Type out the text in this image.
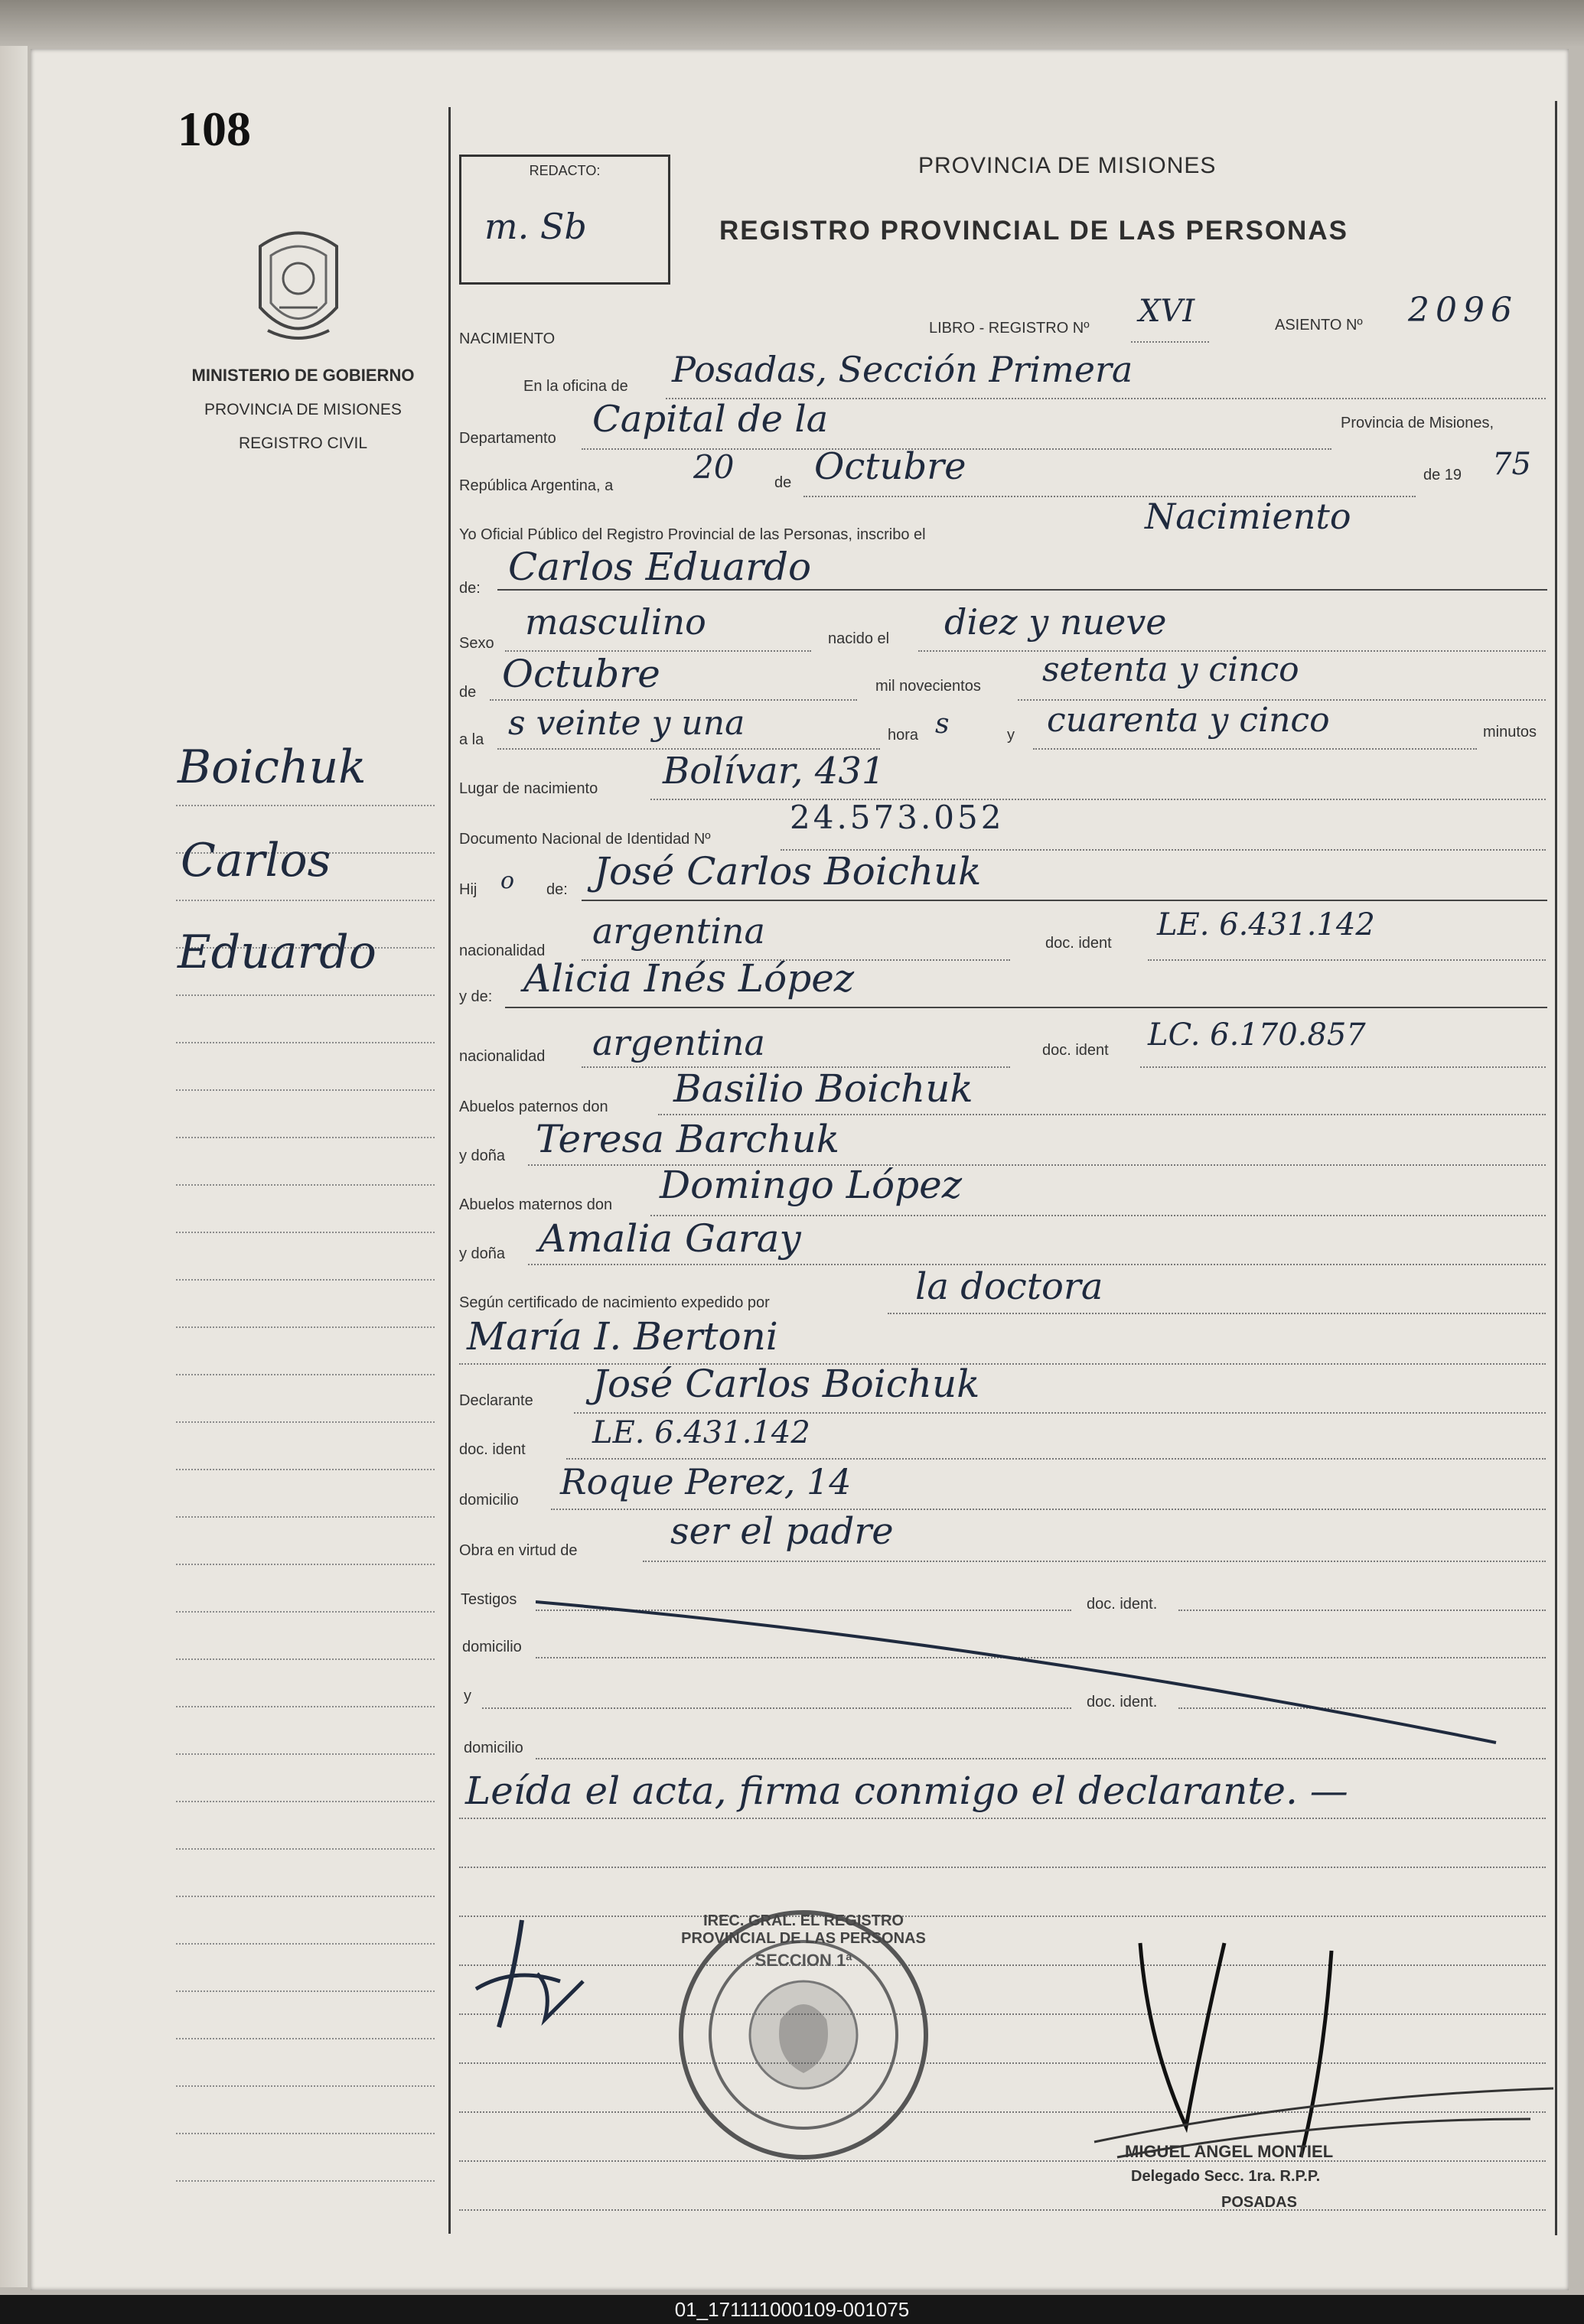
108
MINISTERIO DE GOBIERNO
PROVINCIA DE MISIONES
REGISTRO CIVIL
Boichuk
Carlos
Eduardo
REDACTO:
m. Sb
PROVINCIA DE MISIONES
REGISTRO PROVINCIAL DE LAS PERSONAS
NACIMIENTO
LIBRO - REGISTRO Nº XVI	ASIENTO Nº 2096
En la oficina de Posadas, Sección Primera
Departamento Capital de la	Provincia de Misiones,
República Argentina, a 20	de Octubre	de 19 75
Yo Oficial Público del Registro Provincial de las Personas, inscribo el	Nacimiento
de: Carlos Eduardo
Sexo
masculino	nacido el diez y nueve
de Octubre	mil novecientos setenta y cinco
a la s veinte y una	hora s	y cuarenta y cinco	minutos
Lugar de nacimiento Bolívar, 431
Documento Nacional de Identidad Nº
24.573.052
Hij o de: José Carlos Boichuk
nacionalidad argentina	doc. ident
LE. 6.431.142
y de: Alicia Inés López
nacionalidad argentina	doc. ident LC. 6.170.857
Abuelos paternos don Basilio Boichuk
y doña Teresa Barchuk
Abuelos maternos don Domingo López
y doña Amalia Garay
Según certificado de nacimiento expedido por	la doctora
María I. Bertoni
Declarante José Carlos Boichuk
doc. ident LE. 6.431.142
domicilio Roque Perez, 14
Obra en virtud de	ser el padre
Testigos	doc. ident.
domicilio
y	doc. ident.
domicilio
Leída el acta, firma conmigo el declarante. —
IREC. GRAL. EL REGISTRO PROVINCIAL DE LAS PERSONAS
SECCION 1ª
MIGUEL ANGEL MONTIEL
Delegado Secc. 1ra. R.P.P.
POSADAS
01_171111000109-001075
